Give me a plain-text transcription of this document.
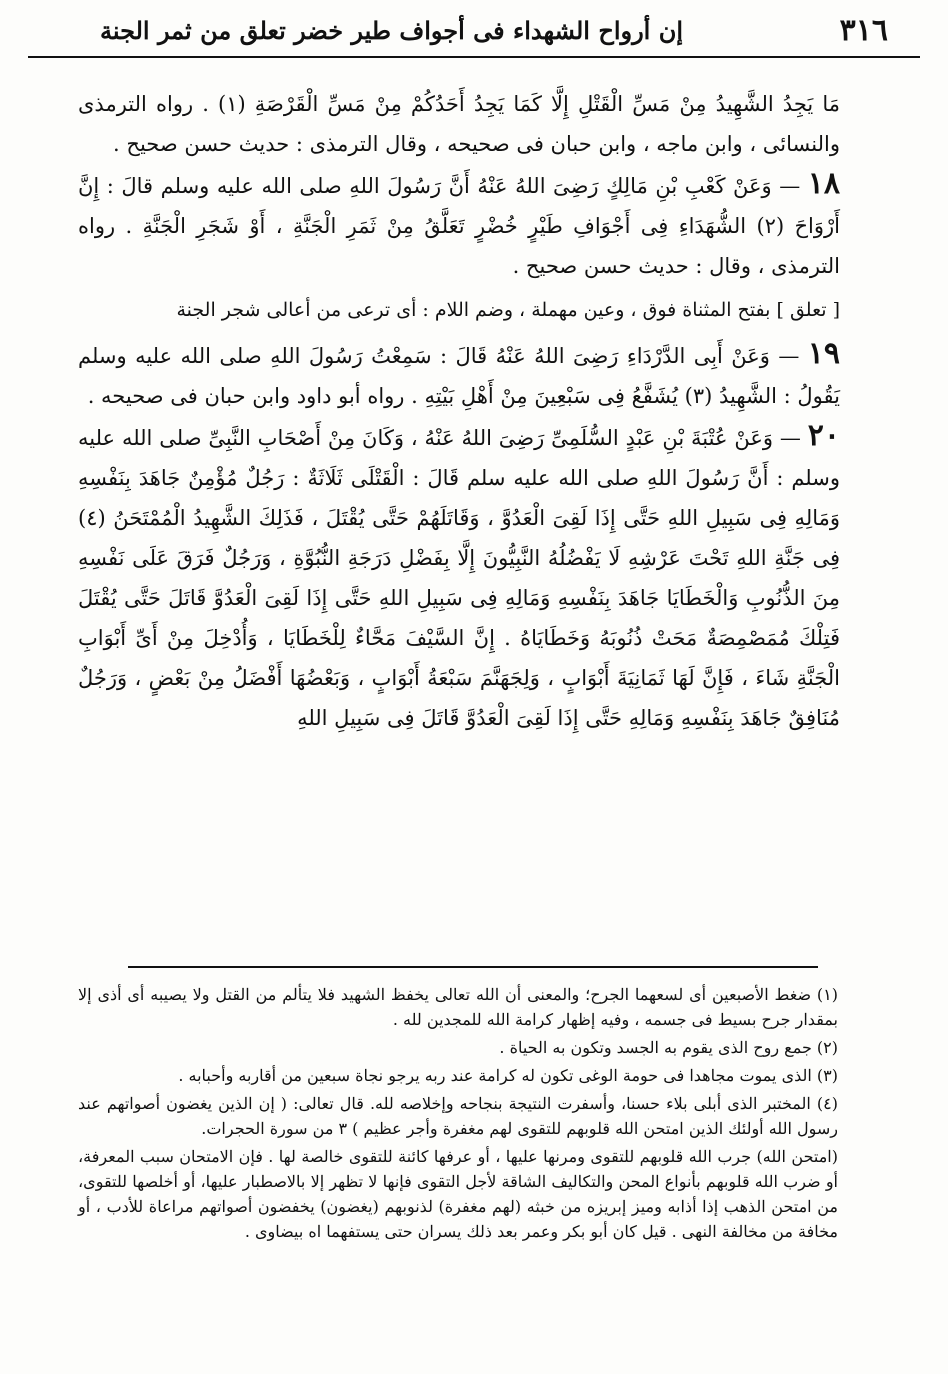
٣١٦
إن أرواح الشهداء فى أجواف طير خضر تعلق من ثمر الجنة

مَا يَجِدُ الشَّهِيدُ مِنْ مَسِّ الْقَتْلِ إِلَّا كَمَا يَجِدُ أَحَدُكُمْ مِنْ مَسِّ الْقَرْصَةِ (١) . رواه الترمذى والنسائى ، وابن ماجه ، وابن حبان فى صحيحه ، وقال الترمذى : حديث حسن صحيح .

١٨ — وَعَنْ كَعْبِ بْنِ مَالِكٍ رَضِىَ اللهُ عَنْهُ أَنَّ رَسُولَ اللهِ صلى الله عليه وسلم قالَ : إِنَّ أَرْوَاحَ (٢) الشُّهَدَاءِ فِى أَجْوَافِ طَيْرٍ خُضْرٍ تَعَلَّقُ مِنْ ثَمَرِ الْجَنَّةِ ، أَوْ شَجَرِ الْجَنَّةِ . رواه الترمذى ، وقال : حديث حسن صحيح .

[ تعلق ] بفتح المثناة فوق ، وعين مهملة ، وضم اللام : أى ترعى من أعالى شجر الجنة

١٩ — وَعَنْ أَبِى الدَّرْدَاءِ رَضِىَ اللهُ عَنْهُ قَالَ : سَمِعْتُ رَسُولَ اللهِ صلى الله عليه وسلم يَقُولُ : الشَّهِيدُ (٣) يُشَفَّعُ فِى سَبْعِينَ مِنْ أَهْلِ بَيْتِهِ . رواه أبو داود وابن حبان فى صحيحه .

٢٠ — وَعَنْ عُتْبَةَ بْنِ عَبْدٍ السُّلَمِىِّ رَضِىَ اللهُ عَنْهُ ، وَكَانَ مِنْ أَصْحَابِ النَّبِىِّ صلى الله عليه وسلم : أَنَّ رَسُولَ اللهِ صلى الله عليه سلم قَالَ : الْقَتْلَى ثَلَاثَةٌ : رَجُلٌ مُؤْمِنٌ جَاهَدَ بِنَفْسِهِ وَمَالِهِ فِى سَبِيلِ اللهِ حَتَّى إِذَا لَقِىَ الْعَدُوَّ ، وَقَاتَلَهُمْ حَتَّى يُقْتَلَ ، فَذَلِكَ الشَّهِيدُ الْمُمْتَحَنُ (٤) فِى جَنَّةِ اللهِ تَحْتَ عَرْشِهِ لَا يَفْضُلُهُ النَّبِيُّونَ إِلَّا بِفَضْلِ دَرَجَةِ النُّبُوَّةِ ، وَرَجُلٌ فَرَقَ عَلَى نَفْسِهِ مِنَ الذُّنُوبِ وَالْخَطَايَا جَاهَدَ بِنَفْسِهِ وَمَالِهِ فِى سَبِيلِ اللهِ حَتَّى إِذَا لَقِىَ الْعَدُوَّ قَاتَلَ حَتَّى يُقْتَلَ فَتِلْكَ مُمَصْمِصَةٌ مَحَتْ ذُنُوبَهُ وَخَطَايَاهُ . إِنَّ السَّيْفَ مَحَّاءٌ لِلْخَطَايَا ، وَأُدْخِلَ مِنْ أَىِّ أَبْوَابِ الْجَنَّةِ شَاءَ ، فَإِنَّ لَهَا ثَمَانِيَةَ أَبْوَابٍ ، وَلِجَهَنَّمَ سَبْعَةُ أَبْوَابٍ ، وَبَعْضُهَا أَفْضَلُ مِنْ بَعْضٍ ، وَرَجُلٌ مُنَافِقٌ جَاهَدَ بِنَفْسِهِ وَمَالِهِ حَتَّى إِذَا لَقِىَ الْعَدُوَّ قَاتَلَ فِى سَبِيلِ اللهِ

(١) ضغط الأصبعين أى لسعهما الجرح؛ والمعنى أن الله تعالى يخفظ الشهيد فلا يتألم من القتل ولا يصيبه أى أذى إلا بمقدار جرح بسيط فى جسمه ، وفيه إظهار كرامة الله للمجدين لله .

(٢) جمع روح الذى يقوم به الجسد وتكون به الحياة .

(٣) الذى يموت مجاهدا فى حومة الوغى تكون له كرامة عند ربه يرجو نجاة سبعين من أقاربه وأحبابه .

(٤) المختبر الذى أبلى بلاء حسنا، وأسفرت النتيجة بنجاحه وإخلاصه لله. قال تعالى: ( إن الذين يغضون أصواتهم عند رسول الله أولئك الذين امتحن الله قلوبهم للتقوى لهم مغفرة وأجر عظيم ) ٣ من سورة الحجرات.

(امتحن الله) جرب الله قلوبهم للتقوى ومرنها عليها ، أو عرفها كائنة للتقوى خالصة لها . فإن الامتحان سبب المعرفة، أو ضرب الله قلوبهم بأنواع المحن والتكاليف الشاقة لأجل التقوى فإنها لا تظهر إلا بالاصطبار عليها، أو أخلصها للتقوى، من امتحن الذهب إذا أذابه وميز إبريزه من خبثه (لهم مغفرة) لذنوبهم (يغضون) يخفضون أصواتهم مراعاة للأدب ، أو مخافة من مخالفة النهى . قيل كان أبو بكر وعمر بعد ذلك يسران حتى يستفهما اه بيضاوى .
